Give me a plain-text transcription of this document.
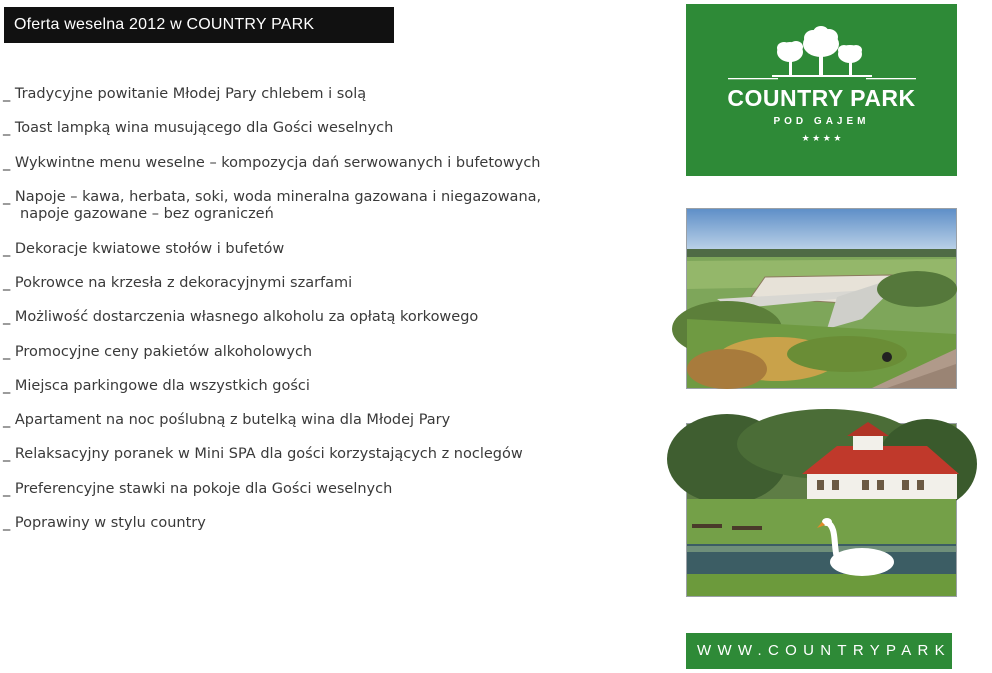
Oferta weselna 2012 w COUNTRY PARK
_ Tradycyjne powitanie Młodej Pary chlebem i solą
_ Toast lampką wina musującego dla Gości weselnych
_ Wykwintne menu weselne – kompozycja dań serwowanych i bufetowych
_ Napoje – kawa, herbata, soki, woda mineralna gazowana i niegazowana,
napoje gazowane – bez ograniczeń
_ Dekoracje kwiatowe stołów i bufetów
_ Pokrowce na krzesła z dekoracyjnymi szarfami
_ Możliwość dostarczenia własnego alkoholu za opłatą korkowego
_ Promocyjne ceny pakietów alkoholowych
_ Miejsca parkingowe dla wszystkich gości
_ Apartament na noc poślubną z butelką wina dla Młodej Pary
_ Relaksacyjny poranek w Mini SPA dla gości korzystających z noclegów
_ Preferencyjne stawki na pokoje dla Gości weselnych
_ Poprawiny w stylu country
COUNTRY PARK
POD GAJEM
★ ★ ★ ★
WWW.COUNTRYPARK.PL
